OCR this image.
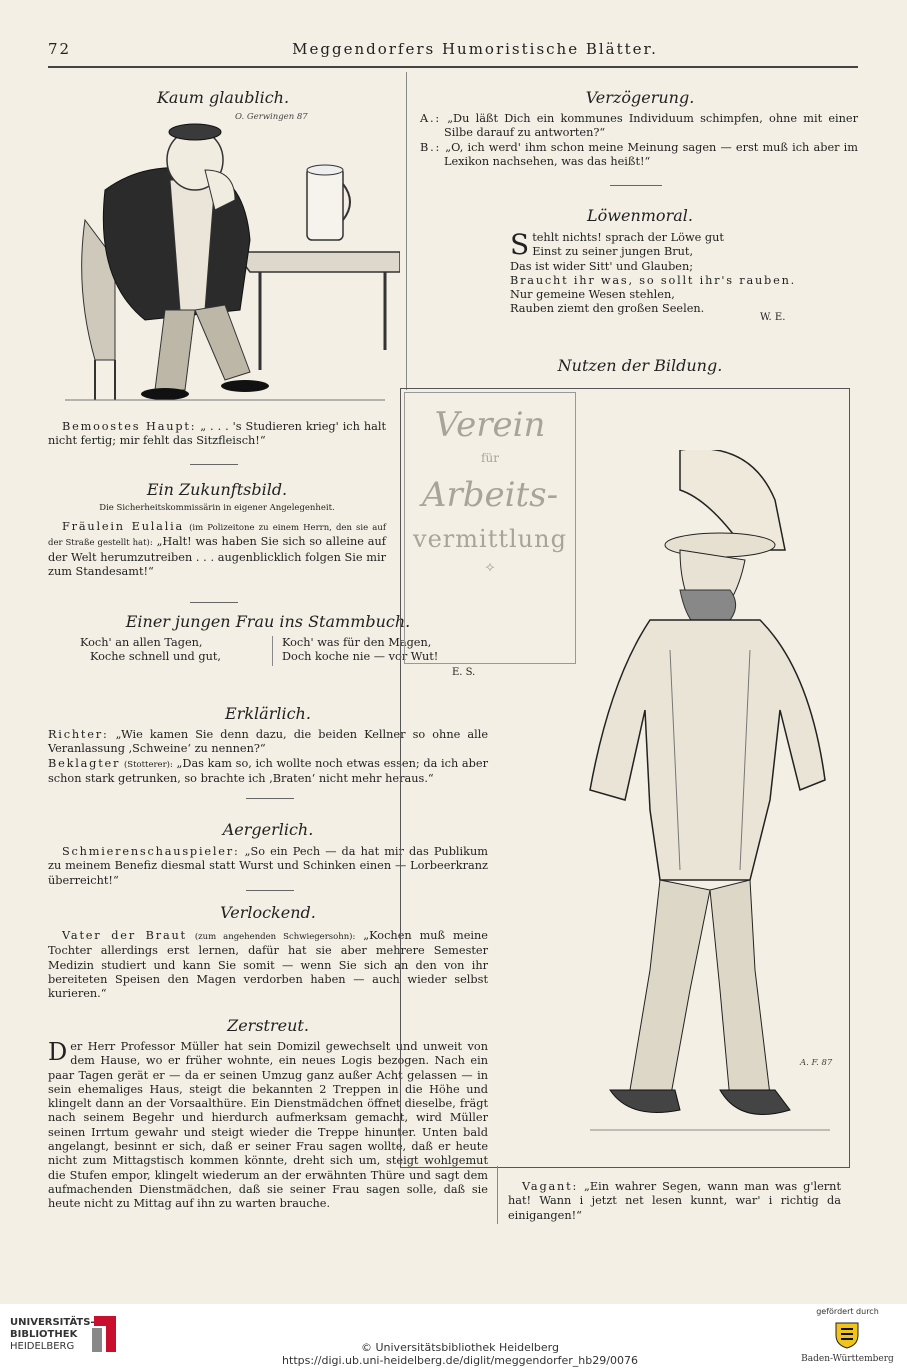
72	Meggendorfers Humoristische Blätter.
Kaum glaublich.
O. Gerwingen 87

Bemoostes Haupt: „ . . . 's Studieren krieg' ich halt nicht fertig; mir fehlt das Sitzfleisch!“

Ein Zukunftsbild.
Die Sicherheitskommissärin in eigener Angelegenheit.

Fräulein Eulalia (im Polizeitone zu einem Herrn, den sie auf der Straße gestellt hat): „Halt! was haben Sie sich so alleine auf der Welt herumzutreiben . . . augenblicklich folgen Sie mir zum Standesamt!“

Einer jungen Frau ins Stammbuch.

Koch' an allen Tagen,

Koche schnell und gut,

Koch' was für den Magen,

Doch koche nie — vor Wut!

E. S.
Erklärlich.

Richter: „Wie kamen Sie denn dazu, die beiden Kellner so ohne alle Veranlassung ‚Schweine‘ zu nennen?“

Beklagter (Stotterer): „Das kam so, ich wollte noch etwas essen; da ich aber schon stark getrunken, so brachte ich ‚Braten‘ nicht mehr heraus.“

Aergerlich.

Schmierenschauspieler: „So ein Pech — da hat mir das Publikum zu meinem Benefiz diesmal statt Wurst und Schinken einen — Lorbeerkranz überreicht!“

Verlockend.

Vater der Braut (zum angehenden Schwiegersohn): „Kochen muß meine Tochter allerdings erst lernen, dafür hat sie aber mehrere Semester Medizin studiert und kann Sie somit — wenn Sie sich an den von ihr bereiteten Speisen den Magen verdorben haben — auch wieder selbst kurieren.“

Zerstreut.

Der Herr Professor Müller hat sein Domizil gewechselt und unweit von dem Hause, wo er früher wohnte, ein neues Logis bezogen. Nach ein paar Tagen gerät er — da er seinen Umzug ganz außer Acht gelassen — in sein ehemaliges Haus, steigt die bekannten 2 Treppen in die Höhe und klingelt dann an der Vorsaalthüre. Ein Dienstmädchen öffnet dieselbe, frägt nach seinem Begehr und hierdurch aufmerksam gemacht, wird Müller seinen Irrtum gewahr und steigt wieder die Treppe hinunter. Unten bald angelangt, besinnt er sich, daß er seiner Frau sagen wollte, daß er heute nicht zum Mittagstisch kommen könnte, dreht sich um, steigt wohlgemut die Stufen empor, klingelt wiederum an der erwähnten Thüre und sagt dem aufmachenden Dienstmädchen, daß sie seiner Frau sagen solle, daß sie heute nicht zu Mittag auf ihn zu warten brauche.

Verzögerung.

A.: „Du läßt Dich ein kommunes Individuum schimpfen, ohne mit einer Silbe darauf zu antworten?“

B.: „O, ich werd' ihm schon meine Meinung sagen — erst muß ich aber im Lexikon nachsehen, was das heißt!“

Löwenmoral.
S tehlt nichts! sprach der Löwe gut

Einst zu seiner jungen Brut,

Das ist wider Sitt' und Glauben;

Braucht ihr was, so sollt ihr's rauben.

Nur gemeine Wesen stehlen,

Rauben ziemt den großen Seelen.

W. E.
Nutzen der Bildung.
Verein
für
Arbeits-
vermittlung
⟡
A. F. 87

Vagant: „Ein wahrer Segen, wann man was g'lernt hat! Wann i jetzt net lesen kunnt, war' i richtig da einigangen!“

UNIVERSITÄTS-
BIBLIOTHEK
HEIDELBERG	© Universitätsbibliothek Heidelberg
https://digi.ub.uni-heidelberg.de/diglit/meggendorfer_hb29/0076
gefördert durch
Baden-Württemberg
